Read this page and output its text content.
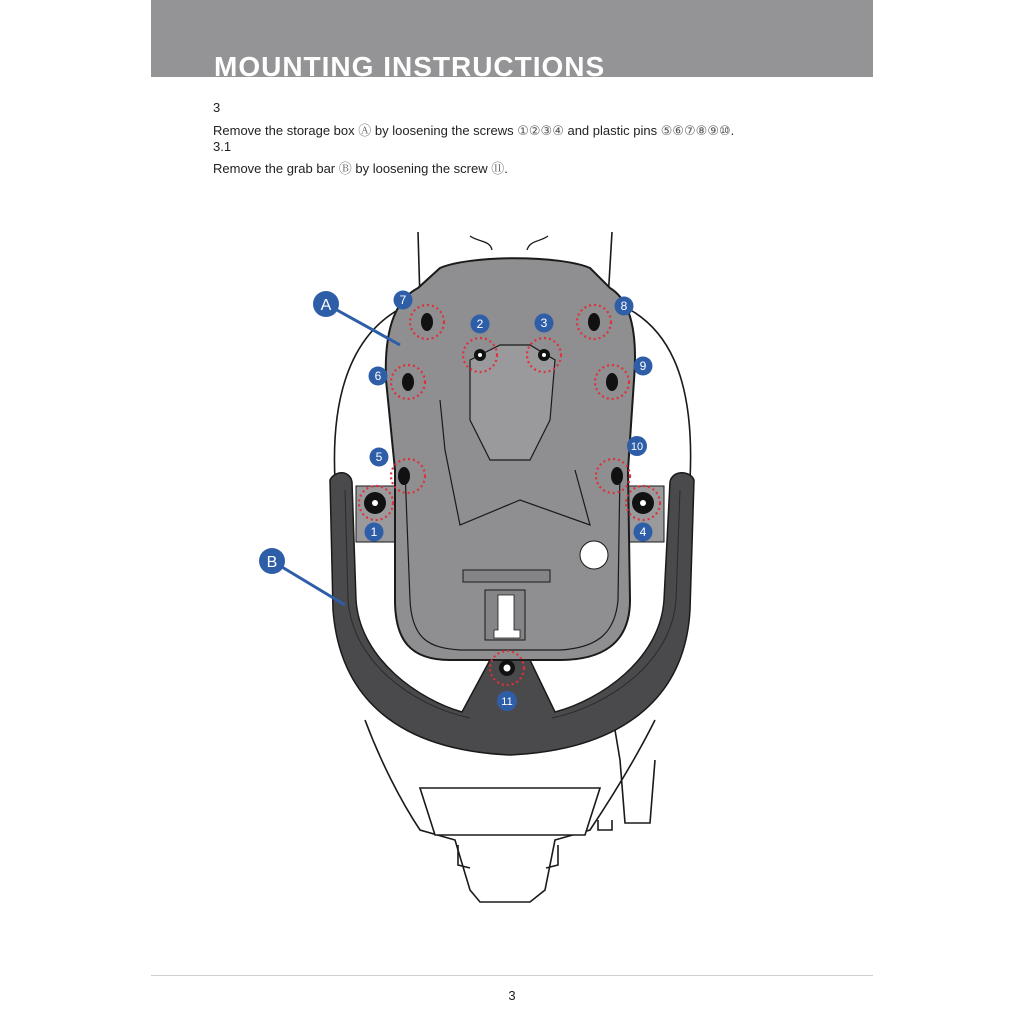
MOUNTING INSTRUCTIONS
3
Remove the storage box Ⓐ by loosening the screws ①②③④ and plastic pins ⑤⑥⑦⑧⑨⑩.
3.1
Remove the grab bar Ⓑ by loosening the screw ⑪.
A
B
1
2	3
4
5
6
7	8
9
10
11
3
